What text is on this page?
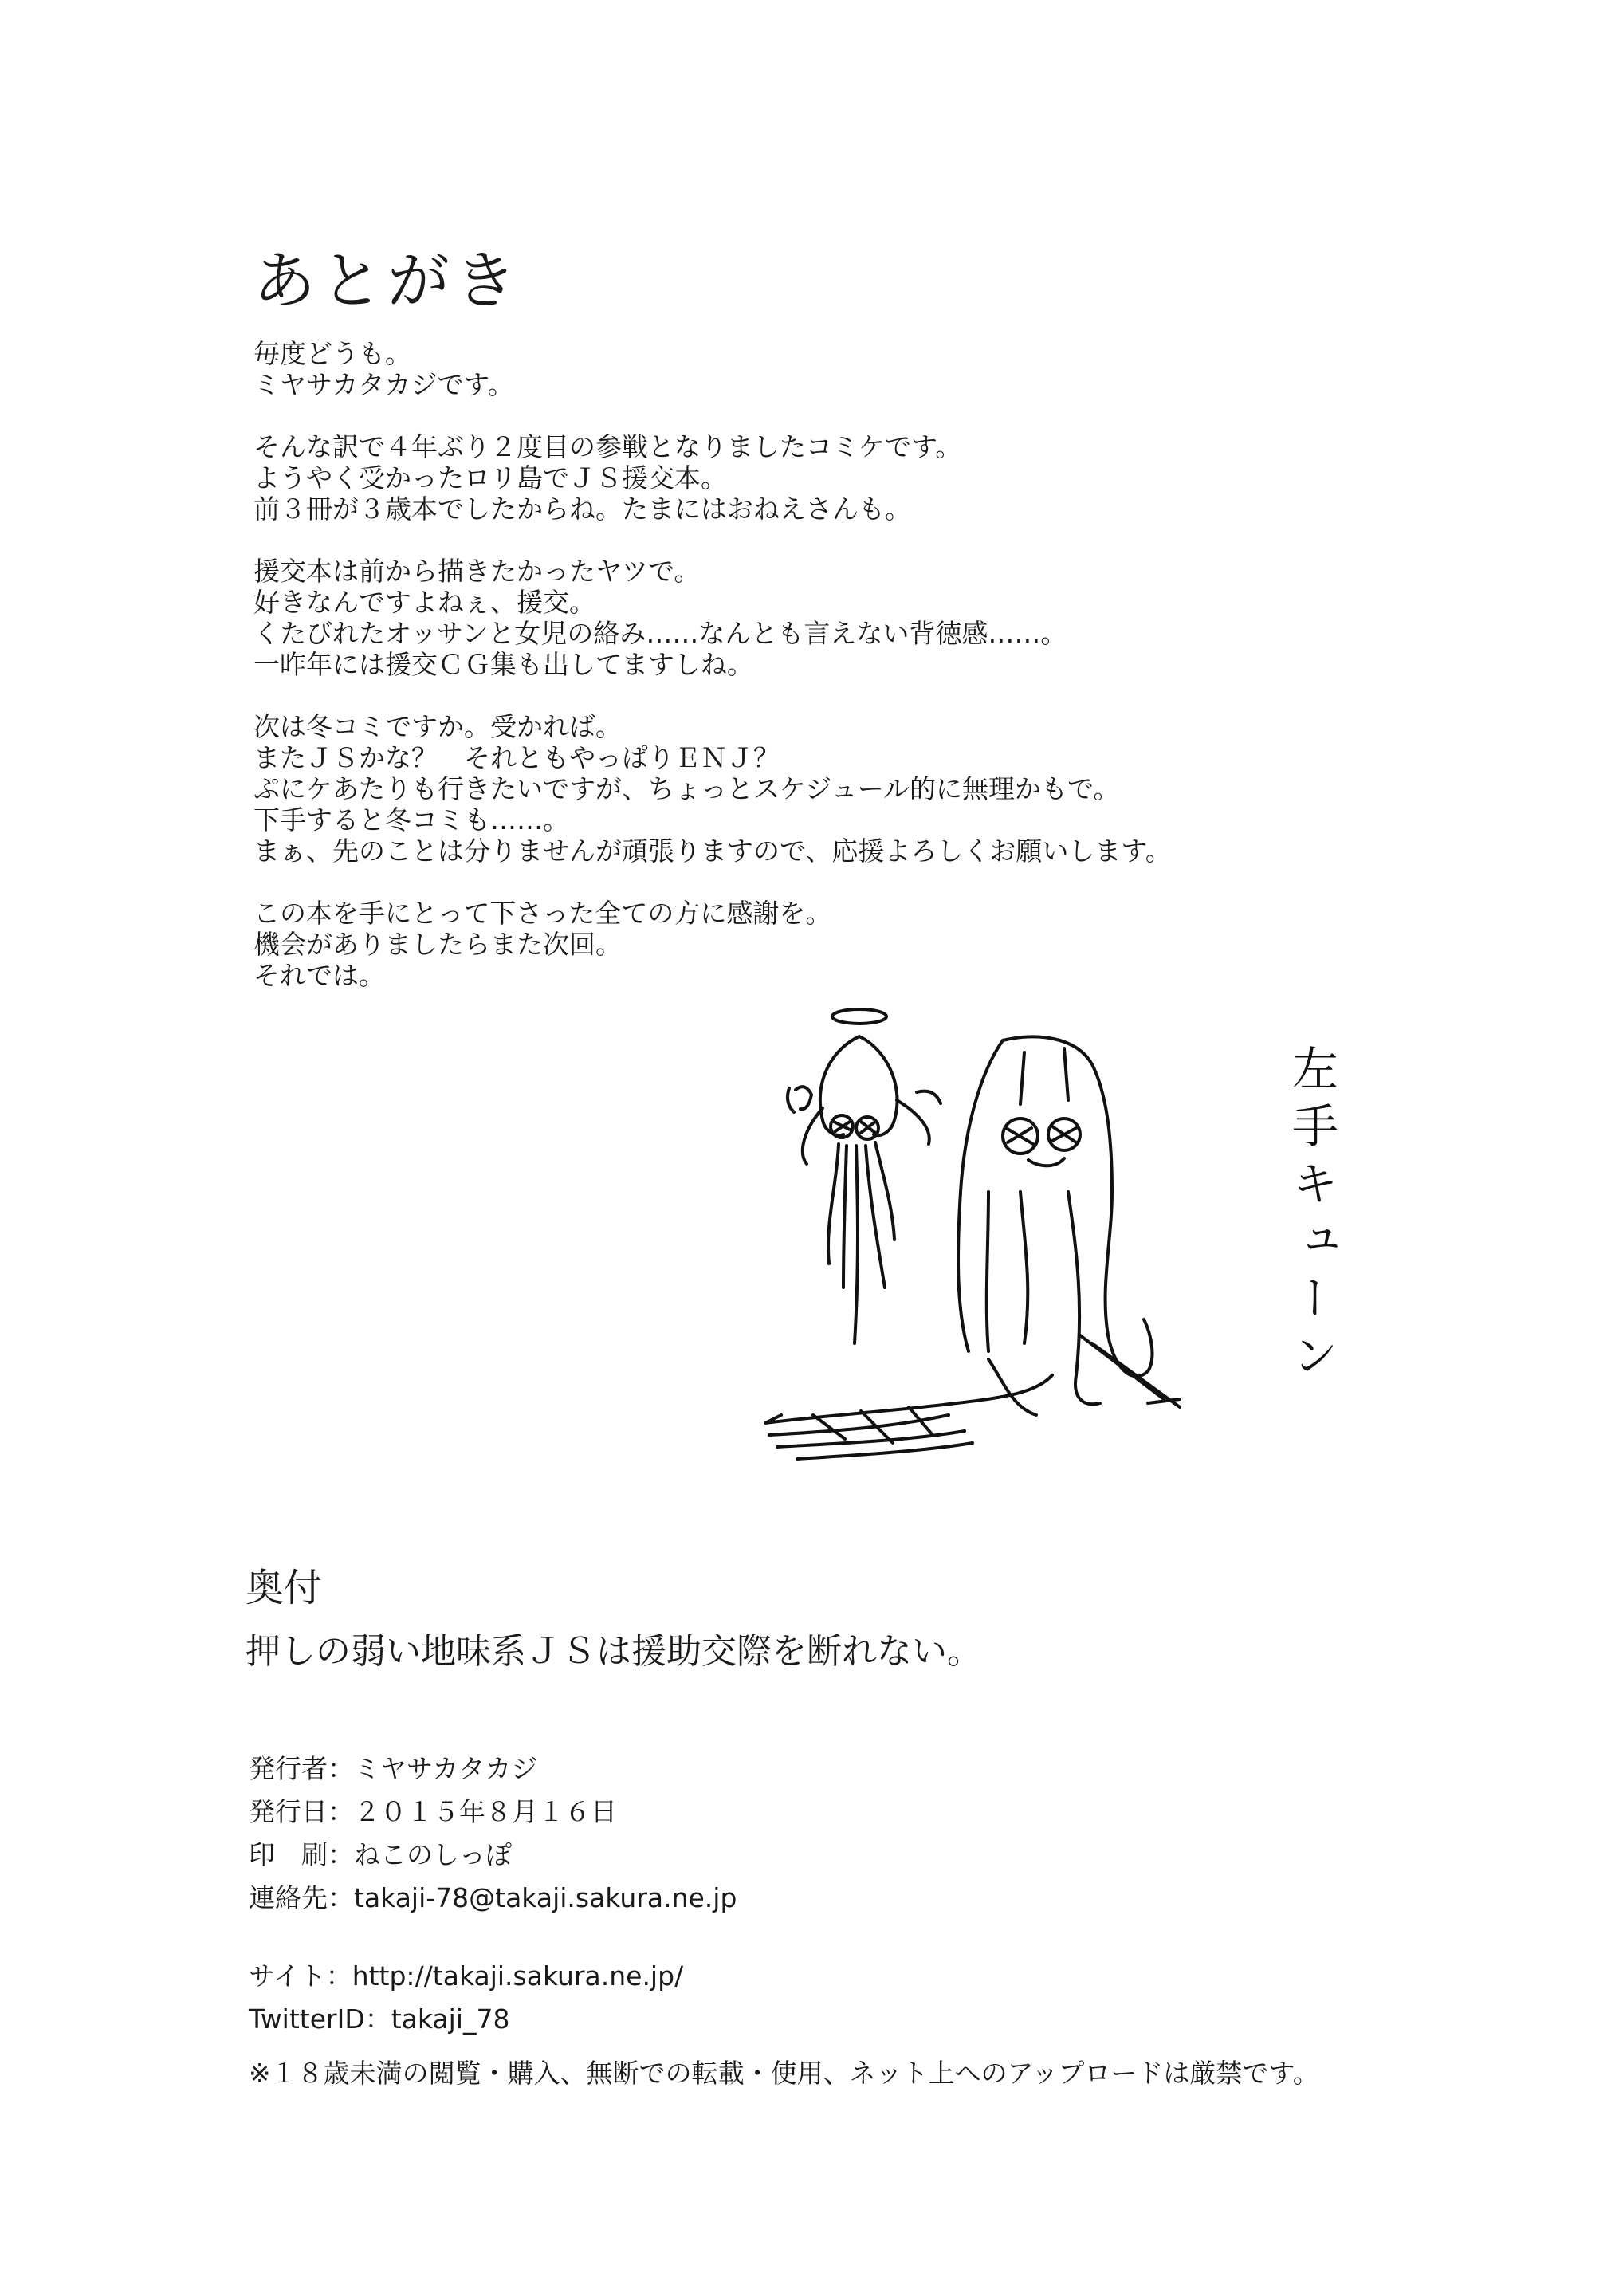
あとがき

毎度どうも。
ミヤサカタカジです。

そんな訳で４年ぶり２度目の参戦となりましたコミケです。
ようやく受かったロリ島でＪＳ援交本。
前３冊が３歳本でしたからね。たまにはおねえさんも。

援交本は前から描きたかったヤツで。
好きなんですよねぇ、援交。
くたびれたオッサンと女児の絡み……なんとも言えない背徳感……。
一昨年には援交ＣＧ集も出してますしね。

次は冬コミですか。受かれば。
またＪＳかな？　それともやっぱりＥＮＪ？
ぷにケあたりも行きたいですが、ちょっとスケジュール的に無理かもで。
下手すると冬コミも……。
まぁ、先のことは分りませんが頑張りますので、応援よろしくお願いします。

この本を手にとって下さった全ての方に感謝を。
機会がありましたらまた次回。
それでは。

左手キューン
奥付
押しの弱い地味系ＪＳは援助交際を断れない。
発行者：ミヤサカタカジ
発行日：２０１５年８月１６日
印　刷：ねこのしっぽ
連絡先：takaji-78@takaji.sakura.ne.jp
サイト：http://takaji.sakura.ne.jp/
TwitterID：takaji_78
※１８歳未満の閲覧・購入、無断での転載・使用、ネット上へのアップロードは厳禁です。
